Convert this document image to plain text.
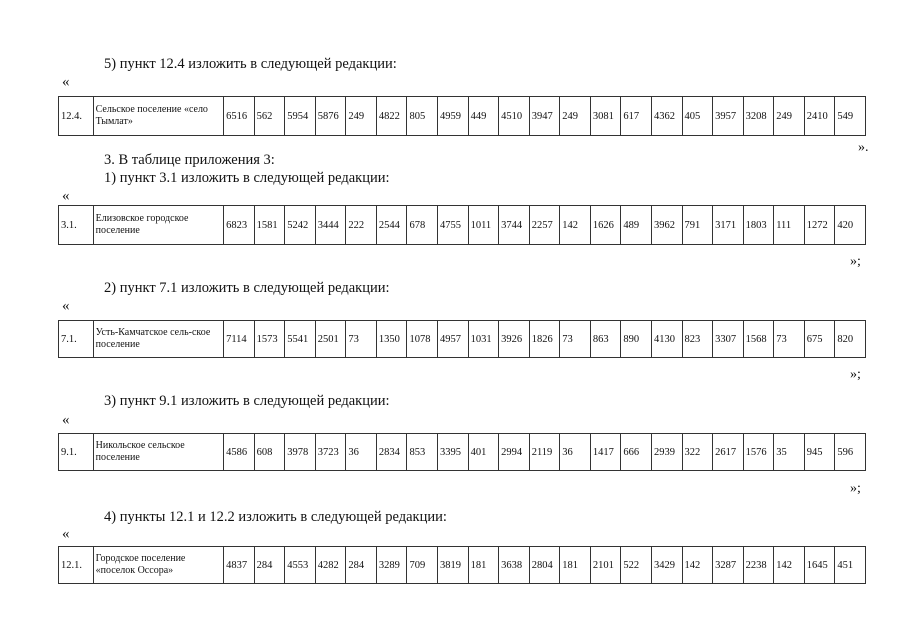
5) пункт 12.4 изложить в следующей редакции:
«
12.4.	Сельское поселение «село Тымлат»	6516	562	5954	5876	249	4822	805	4959	449	4510	3947	249	3081	617	4362	405	3957	3208	249	2410	549
».
3. В таблице приложения 3:
1) пункт 3.1 изложить в следующей редакции:
«
3.1.	Елизовское городское поселение	6823	1581	5242	3444	222	2544	678	4755	1011	3744	2257	142	1626	489	3962	791	3171	1803	111	1272	420
»;
2) пункт 7.1 изложить в следующей редакции:
«
7.1.	Усть-Камчатское сель-ское поселение	7114	1573	5541	2501	73	1350	1078	4957	1031	3926	1826	73	863	890	4130	823	3307	1568	73	675	820
»;
3) пункт 9.1 изложить в следующей редакции:
«
9.1.	Никольское сельское поселение	4586	608	3978	3723	36	2834	853	3395	401	2994	2119	36	1417	666	2939	322	2617	1576	35	945	596
»;
4) пункты 12.1 и 12.2 изложить в следующей редакции:
«
12.1.	Городское поселение «поселок Оссора»	4837	284	4553	4282	284	3289	709	3819	181	3638	2804	181	2101	522	3429	142	3287	2238	142	1645	451
